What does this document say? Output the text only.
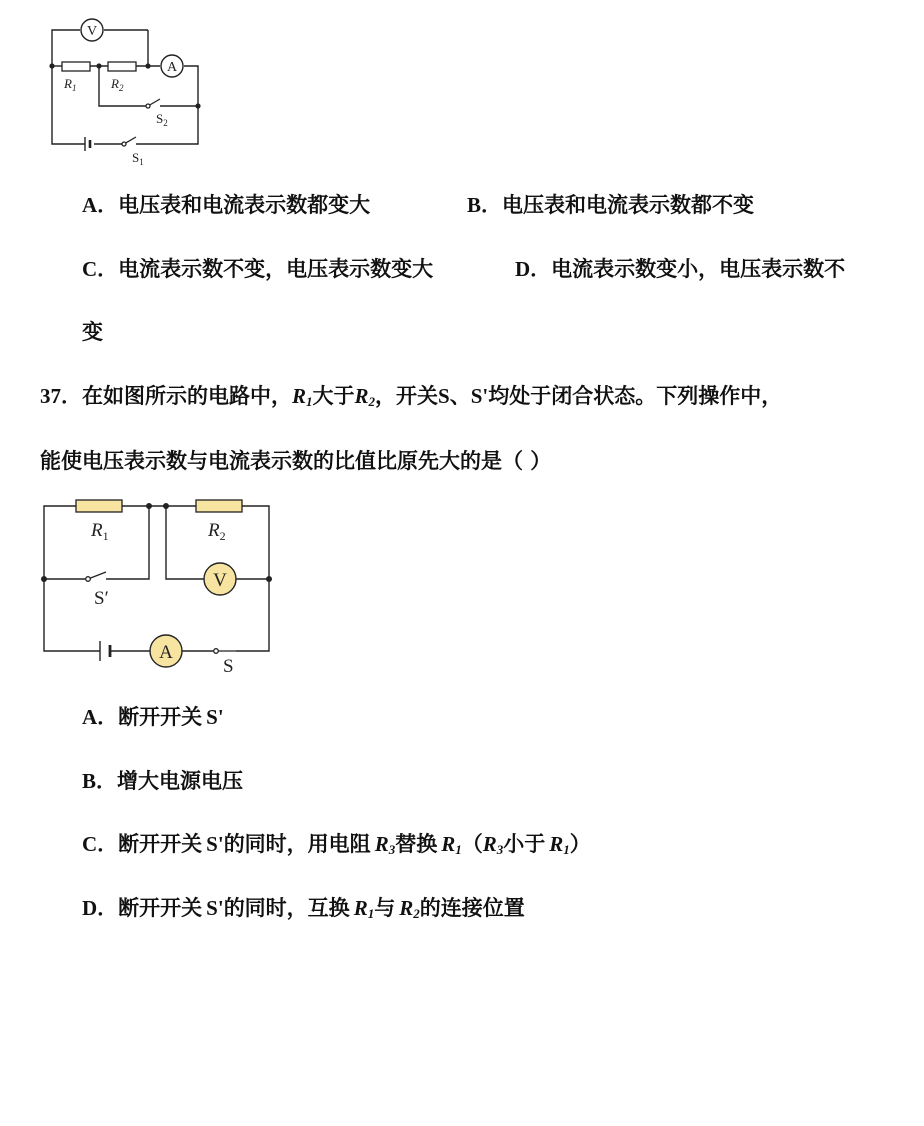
V
A
$R_1$	$R_2$
$S_2$
$S_1$
A．电压表和电流表示数都变大	B．电压表和电流表示数都不变
C．电流表示数不变，电压表示数变大	D．电流表示数变小，电压表示数不
变
37．在如图所示的电路中，$R_1$大于$R_2$，开关S、S'均处于闭合状态。下列操作中，
能使电压表示数与电流表示数的比值比原先大的是（ ）
V
A
$R_1$	$R_2$
S′
S
A．断开开关 S'
B．增大电源电压
C．断开开关 S'的同时，用电阻 $R_3$替换 $R_1(R_3$小于 $R_1$）
D．断开开关 S'的同时，互换 $R_1$与 $R_2$的连接位置
